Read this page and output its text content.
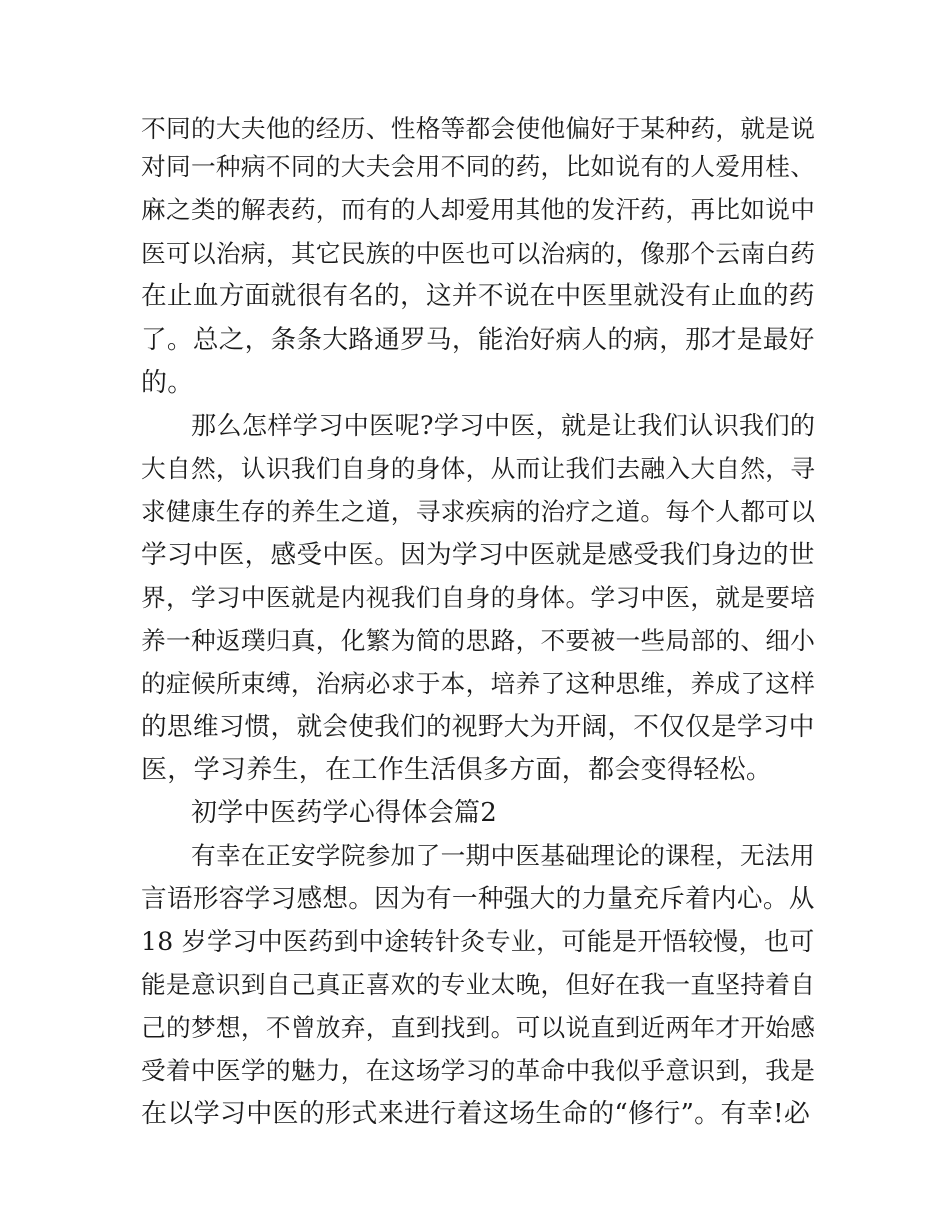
不同的大夫他的经历、性格等都会使他偏好于某种药，就是说
对同一种病不同的大夫会用不同的药，比如说有的人爱用桂、
麻之类的解表药，而有的人却爱用其他的发汗药，再比如说中
医可以治病，其它民族的中医也可以治病的，像那个云南白药
在止血方面就很有名的，这并不说在中医里就没有止血的药
了。总之，条条大路通罗马，能治好病人的病，那才是最好
的。
那么怎样学习中医呢?学习中医，就是让我们认识我们的
大自然，认识我们自身的身体，从而让我们去融入大自然，寻
求健康生存的养生之道，寻求疾病的治疗之道。每个人都可以
学习中医，感受中医。因为学习中医就是感受我们身边的世
界，学习中医就是内视我们自身的身体。学习中医，就是要培
养一种返璞归真，化繁为简的思路，不要被一些局部的、细小
的症候所束缚，治病必求于本，培养了这种思维，养成了这样
的思维习惯，就会使我们的视野大为开阔，不仅仅是学习中
医，学习养生，在工作生活俱多方面，都会变得轻松。
初学中医药学心得体会篇2
有幸在正安学院参加了一期中医基础理论的课程，无法用
言语形容学习感想。因为有一种强大的力量充斥着内心。从
18 岁学习中医药到中途转针灸专业，可能是开悟较慢，也可
能是意识到自己真正喜欢的专业太晚，但好在我一直坚持着自
己的梦想，不曾放弃，直到找到。可以说直到近两年才开始感
受着中医学的魅力，在这场学习的革命中我似乎意识到，我是
在以学习中医的形式来进行着这场生命的“修行”。有幸!必
